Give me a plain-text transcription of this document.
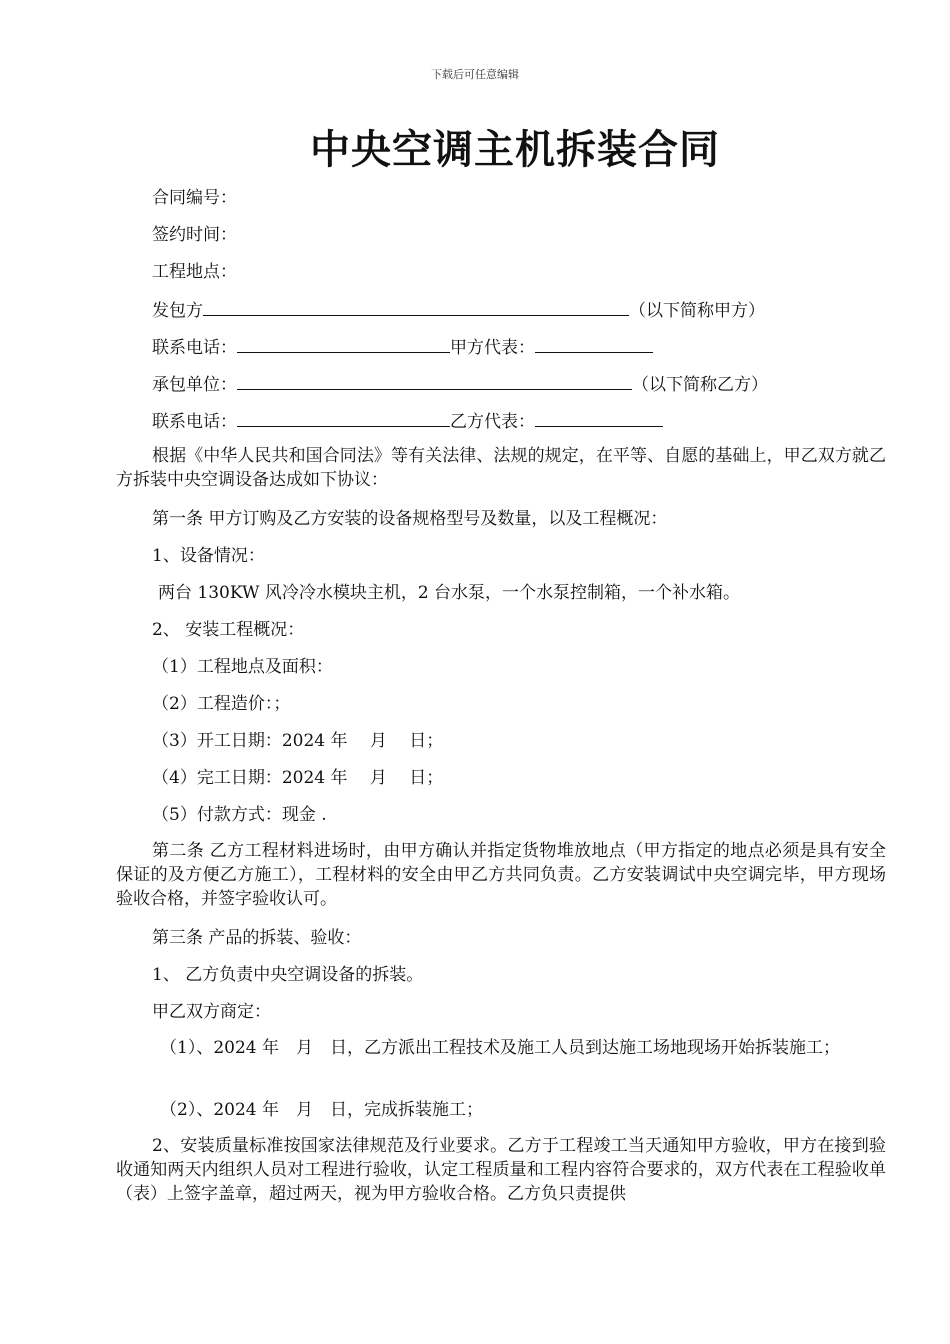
下载后可任意编辑
中央空调主机拆装合同
合同编号：
签约时间：
工程地点：
发包方	（以下简称甲方）
联系电话：	甲方代表：
承包单位：	（以下简称乙方）
联系电话：	乙方代表：
根据《中华人民共和国合同法》等有关法律、法规的规定，在平等、自愿的基础上，甲乙双方就乙方拆装中央空调设备达成如下协议：
第一条 甲方订购及乙方安装的设备规格型号及数量，以及工程概况：
1、设备情况：
两台 130KW 风冷冷水模块主机，2 台水泵，一个水泵控制箱，一个补水箱。
2、 安装工程概况：
（1）工程地点及面积：
（2）工程造价：；
（3）开工日期：2024 年　 月　 日；
（4）完工日期：2024 年　 月　 日；
（5）付款方式：现金 .
第二条 乙方工程材料进场时，由甲方确认并指定货物堆放地点（甲方指定的地点必须是具有安全保证的及方便乙方施工），工程材料的安全由甲乙方共同负责。乙方安装调试中央空调完毕，甲方现场验收合格，并签字验收认可。
第三条 产品的拆装、验收：
1、 乙方负责中央空调设备的拆装。
甲乙双方商定：
（1）、2024 年　月　日，乙方派出工程技术及施工人员到达施工场地现场开始拆装施工；
（2）、2024 年　月　日，完成拆装施工；
2、安装质量标准按国家法律规范及行业要求。乙方于工程竣工当天通知甲方验收，甲方在接到验收通知两天内组织人员对工程进行验收，认定工程质量和工程内容符合要求的，双方代表在工程验收单（表）上签字盖章，超过两天，视为甲方验收合格。乙方负只责提供
